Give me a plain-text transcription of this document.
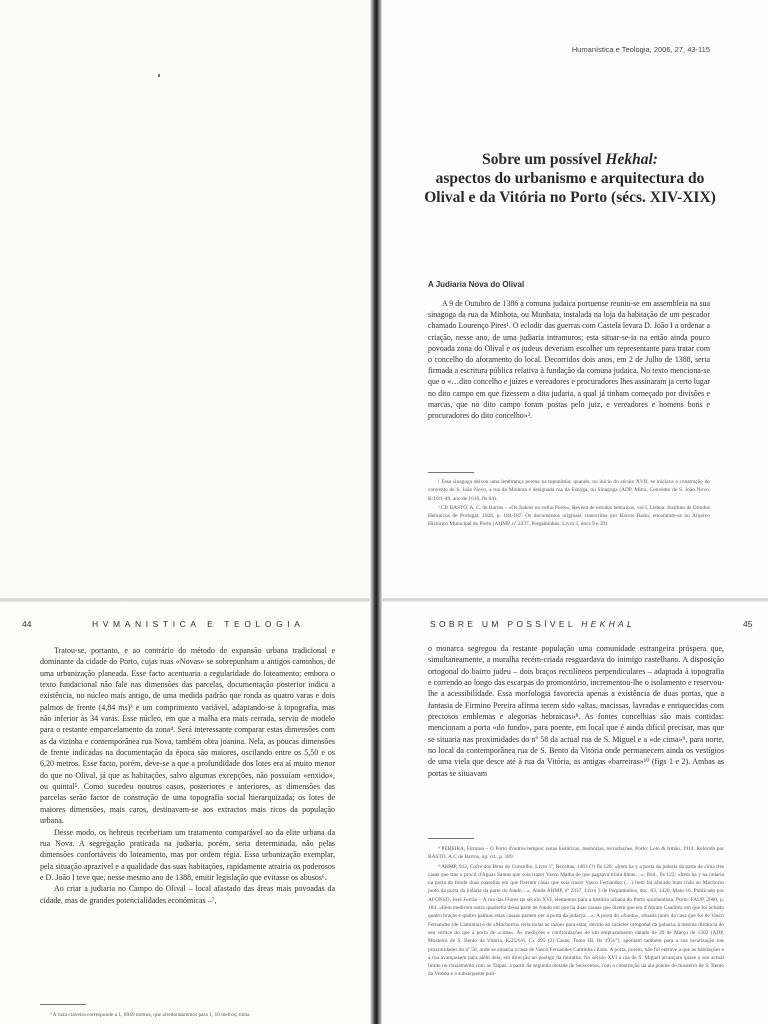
Humanística e Teologia, 2006, 27, 43-115
Sobre um possível Hekhal:
aspectos do urbanismo e arquitectura do Olival e da Vitória no Porto (sécs. XIV-XIX)
A Judiaria Nova do Olival

A 9 de Outubro de 1386 a comuna judaica portuense reuniu-se em assembleia na sua sinagoga da rua da Minhota, ou Munhata, instalada na loja da habitação de um pescador chamado Lourenço Pires¹. O eclodir das guerras com Castela levara D. João I a ordenar a criação, nesse ano, de uma judiaria intramuros; esta situar-se-ia na então ainda pouco povoada zona do Olival e os judeus deveriam escolher um representante para tratar com o concelho do aforamento do local. Decorridos dois anos, em 2 de Julho de 1388, seria firmada a escritura pública relativa à fundação da comuna judaica. No texto menciona-se que o «…dito concelho e juízes e vereadores e procuradores lhes assinaram ja certo lugar no dito campo em que fizessem a dita judaria, a qual já tinham começado por divisões e marcas, que no dito campo foram postas pelo juiz, e vereadores e homens bons e procuradores do dito concelho»².

¹ Essa sinagoga deixou uma lembrança perene na toponímia: quando, no início do século XVII, se iniciava a construção do convento de S. João Novo, a rua da Minhota é designada rua da Esnoga, ou Sinagoga (ADP, Mitra, Convento de S. João Novo, K/16/1-49, ano de 1616, fls 64).

² Cfr BASTO, A. C. de Barros – «Os Judeus no velho Porto», Revista de estudos hebraicos, vol I, Lisboa: Instituto de Estudos Hebraicos de Portugal, 1928, p. 184-187. Os documentos originais, transcritos por Barros Basto, encontram-se no Arquivo Histórico Municipal do Porto (AHMP, nº 2337, Pergaminhos, Livro 3, docs 9 e 39).

44	HVMANISTICA E TEOLOGIA

Tratou-se, portanto, e ao contrário do método de expansão urbana tradicional e dominante da cidade do Porto, cujas ruas «Novas» se sobrepunham a antigos caminhos, de uma urbanização planeada. Esse facto acentuaria a regularidade do loteamento; embora o texto fundacional não fale nas dimensões das parcelas, documentação posterior indica a existência, no núcleo mais antigo, de uma medida padrão que ronda as quatro varas e dois palmos de frente (4,84 ms)³ e um comprimento variável, adaptando-se à topografia, mas não inferior às 34 varas. Esse núcleo, em que a malha era mais cerrada, serviu de modelo para o restante emparcelamento da zona⁴. Será interessante comparar estas dimensões com as da vizinha e contemporânea rua Nova, também obra joanina. Nela, as poucas dimensões de frente indicadas na documentação da época são maiores, oscilando entre os 5,50 e os 6,20 metros. Esse facto, porém, deve-se a que a profundidade dos lotes era aí muito menor do que no Olival, já que as habitações, salvo algumas excepções, não possuíam «enxido», ou quintal⁵. Como sucedeu noutros casos, posteriores e anteriores, as dimensões das parcelas serão factor de construção de uma topografia social hierarquizada; os lotes de maiores dimensões, mais caros, destinavam-se aos extractos mais ricos da população urbana.

Desse modo, os hebreus receberiam um tratamento comparável ao da elite urbana da rua Nova. A segregação praticada na judiaria, porém, seria determinada, não pelas dimensões confortáveis do loteamento, mas por ordem régia. Essa urbanização exemplar, pela situação aprazível e a qualidade das suas habitações, rapidamente atrairia os poderosos e D. João I teve que, nesse mesmo ano de 1388, emitir legislação que evitasse os abusos⁶.

Ao criar a judiaria no Campo do Olival – local afastado das áreas mais povoadas da cidade, mas de grandes potencialidades económicas –⁷,

³ A vara craveira corresponde a 1, 0949 metros, que arredondaremos para 1, 10 metros; tinha

SOBRE UM POSSÍVEL HEKHAL	45

o monarca segregou da restante população uma comunidade estrangeira próspera que, simultaneamente, a muralha recém-criada resguardava do inimigo castelhano. A disposição ortogonal do bairro judeu – dois braços rectilíneos perpendiculares – adaptada à topografia e correndo ao longo das escarpas do promontório, incrementou-lhe o isolamento e reservou-lhe a acessibilidade. Essa morfologia favorecia apenas a existência de duas portas, que a fantasia de Firmino Pereira afirma terem sido «altas, macissas, lavradas e enriquecidas com preciosos emblemas e alegorias hebraicas»⁸. As fontes concelhias são mais contidas: mencionam a porta «do fundo», para poente, em local que é ainda difícil precisar, mas que se situaria nas proximidades do nº 58 da actual rua de S. Miguel e a «de cima»⁹, para norte, no local da contemporânea rua de S. Bento da Vitória onde permanecem ainda os vestígios de uma viela que desce até à rua da Vitória, as antigas «barreiras»¹⁰ (figs 1 e 2). Ambas as portas se situavam

⁸ PEREIRA, Firmino – O Porto d'outros tempos: notas históricas, memórias, recordações, Porto: Lelo & Irmão, 1914. Referido por BASTO, A.C de Barros, op. cit., p. 189.

⁹ AHMP, 912, Cofre dos Bens do Concelho, Livro 1º, Receitas, 1463 (?) fls 120: «Item ha y a porta da judaria da parte de cima tres casas que traz o procil d'Aguas Santas que soia trazer Vasco Malha de que pagaava trinta libras…»; Ibid., fls 122: «Item ha y na judaria na porta do fundo duas coarellas em que fizeram casas que soia trazer Vasco Fernandez (…) Item foi aforado hum chão ao Machorro junto da porta da judaria da parte do fundo…». Ainda AHMP, nº 2337, Livro 3 de Pergaminhos, doc. 83, 1420, Maio 16. Publicado por AFONSO, José Ferrão – A rua das Flores no século XVI, elementos para a história urbana do Porto quinhentista, Porto: FAUP, 2000, p. 184: «Item medirom outra quadrella dessa parte de fondo em que ha duas casaas que dizem que era d'Abram Caadimz em que foi achado quatro braças e quatro palmas estas casaas partem per a porta da judarya…». A porta do «fundo», situada junto da casa que foi de Vasco Fernandes (de Caminha) e do «Machorro» teria todas as razões para estar, devido ao carácter ortogonal da judiaria, à mesma distância do seu vértice do que a porta de «cima». As medições e confrontações de um emprazamento datado de 20 de Março de 1502 (ADP, Mosteiro de S. Bento da Vitória, K/25/6/6, Cx 495 (2) Casas, Tomo III, fls 195v°), apontam também para a sua localização nas proximidades do nº 58, onde se situaria a casa de Vasco Fernandes Caminha citada. A porta, porém, não foi entrave a que as habitações e a rua avançassem para além dela, em direcção ao postigo da muralha. No século XVI a rua de S. Miguel alcançara quase o seu actual limite no cruzamento com as Taipas: a partir da segunda metade de Seiscentos, com a construção da ala poente do mosteiro de S. Bento da Vitória e a subsequente polí-
